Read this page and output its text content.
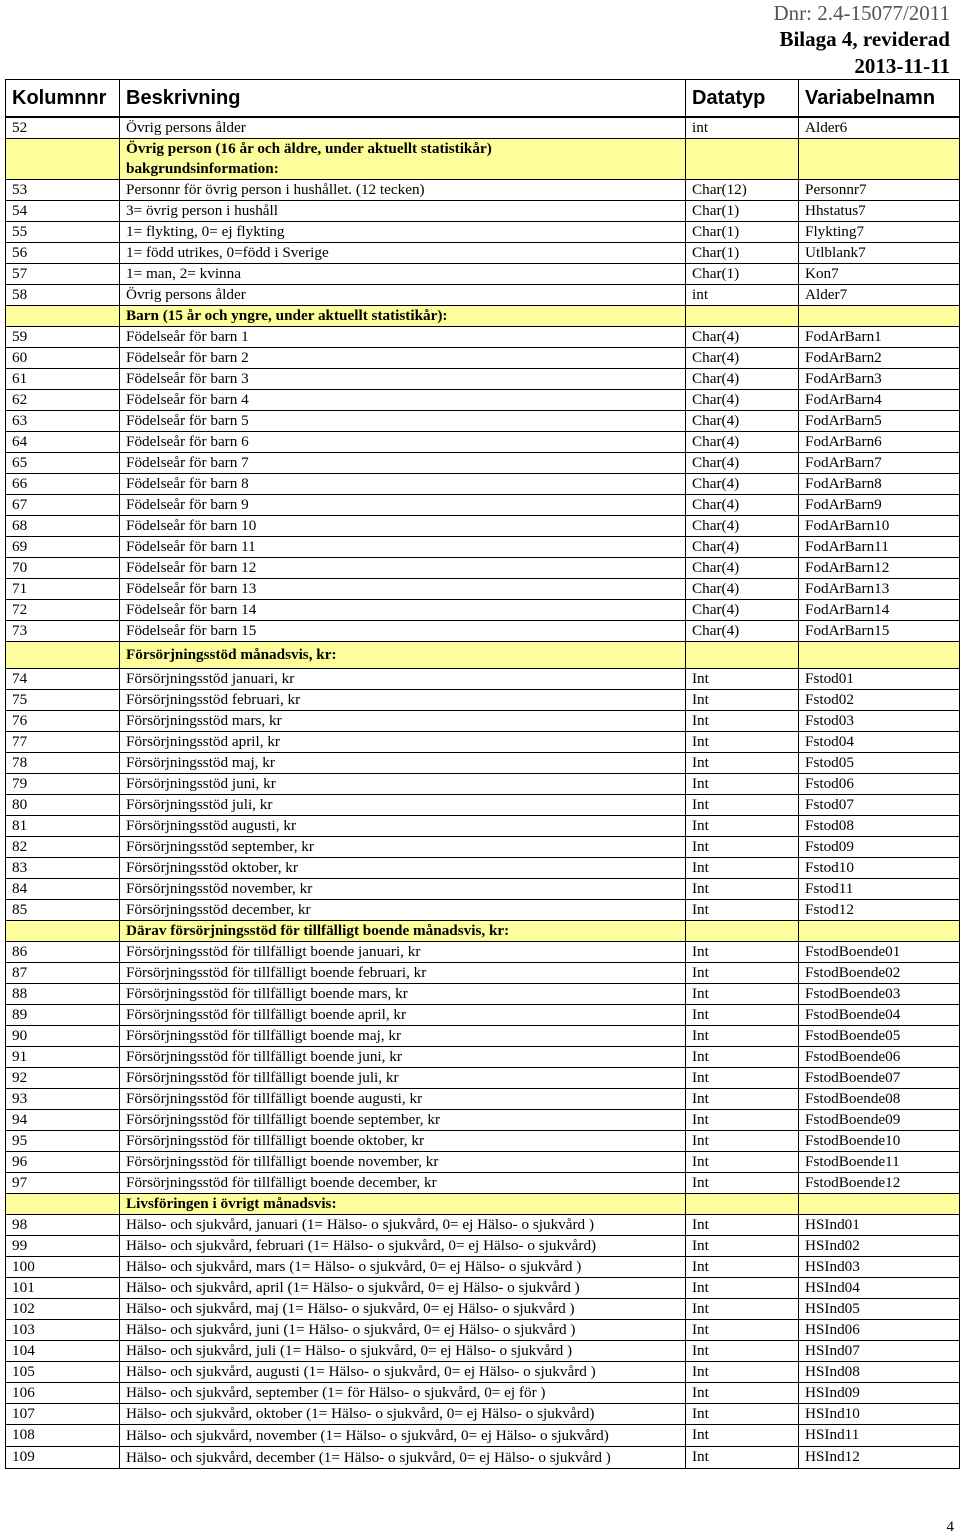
Dnr: 2.4-15077/2011
Bilaga 4, reviderad
2013-11-11
Kolumnnr	Beskrivning	Datatyp	Variabelnamn
52	Övrig persons ålder	int	Alder6

	Övrig person (16 år och äldre, under aktuellt statistikår)
bakgrundsinformation:		

53	Personnr för övrig person i hushållet. (12 tecken)	Char(12)	Personnr7
54	3= övrig person i hushåll	Char(1)	Hhstatus7
55	1= flykting, 0= ej flykting	Char(1)	Flykting7
56	1= född utrikes, 0=född i Sverige	Char(1)	Utlblank7
57	1= man, 2= kvinna	Char(1)	Kon7
58	Övrig persons ålder	int	Alder7
	Barn (15 år och yngre, under aktuellt statistikår):		
59	Födelseår för barn 1	Char(4)	FodArBarn1
60	Födelseår för barn 2	Char(4)	FodArBarn2
61	Födelseår för barn 3	Char(4)	FodArBarn3
62	Födelseår för barn 4	Char(4)	FodArBarn4
63	Födelseår för barn 5	Char(4)	FodArBarn5
64	Födelseår för barn 6	Char(4)	FodArBarn6
65	Födelseår för barn 7	Char(4)	FodArBarn7
66	Födelseår för barn 8	Char(4)	FodArBarn8
67	Födelseår för barn 9	Char(4)	FodArBarn9
68	Födelseår för barn 10	Char(4)	FodArBarn10
69	Födelseår för barn 11	Char(4)	FodArBarn11
70	Födelseår för barn 12	Char(4)	FodArBarn12
71	Födelseår för barn 13	Char(4)	FodArBarn13
72	Födelseår för barn 14	Char(4)	FodArBarn14
73	Födelseår för barn 15	Char(4)	FodArBarn15
	Försörjningsstöd månadsvis, kr:		
74	Försörjningsstöd januari, kr	Int	Fstod01
75	Försörjningsstöd februari, kr	Int	Fstod02
76	Försörjningsstöd mars, kr	Int	Fstod03
77	Försörjningsstöd april, kr	Int	Fstod04
78	Försörjningsstöd maj, kr	Int	Fstod05
79	Försörjningsstöd juni, kr	Int	Fstod06
80	Försörjningsstöd juli, kr	Int	Fstod07
81	Försörjningsstöd augusti, kr	Int	Fstod08
82	Försörjningsstöd september, kr	Int	Fstod09
83	Försörjningsstöd oktober, kr	Int	Fstod10
84	Försörjningsstöd november, kr	Int	Fstod11
85	Försörjningsstöd december, kr	Int	Fstod12
	Därav försörjningsstöd för tillfälligt boende månadsvis, kr:		
86	Försörjningsstöd för tillfälligt boende januari, kr	Int	FstodBoende01
87	Försörjningsstöd för tillfälligt boende februari, kr	Int	FstodBoende02
88	Försörjningsstöd för tillfälligt boende mars, kr	Int	FstodBoende03
89	Försörjningsstöd för tillfälligt boende april, kr	Int	FstodBoende04
90	Försörjningsstöd för tillfälligt boende maj, kr	Int	FstodBoende05
91	Försörjningsstöd för tillfälligt boende juni, kr	Int	FstodBoende06
92	Försörjningsstöd för tillfälligt boende juli, kr	Int	FstodBoende07
93	Försörjningsstöd för tillfälligt boende augusti, kr	Int	FstodBoende08
94	Försörjningsstöd för tillfälligt boende september, kr	Int	FstodBoende09
95	Försörjningsstöd för tillfälligt boende oktober, kr	Int	FstodBoende10
96	Försörjningsstöd för tillfälligt boende november, kr	Int	FstodBoende11
97	Försörjningsstöd för tillfälligt boende december, kr	Int	FstodBoende12
	Livsföringen i övrigt månadsvis:		
98	Hälso- och sjukvård, januari (1= Hälso- o sjukvård, 0= ej Hälso- o sjukvård )	Int	HSInd01
99	Hälso- och sjukvård, februari (1= Hälso- o sjukvård, 0= ej Hälso- o sjukvård)	Int	HSInd02
100	Hälso- och sjukvård, mars (1= Hälso- o sjukvård, 0= ej Hälso- o sjukvård )	Int	HSInd03
101	Hälso- och sjukvård, april (1= Hälso- o sjukvård, 0= ej Hälso- o sjukvård )	Int	HSInd04
102	Hälso- och sjukvård, maj (1= Hälso- o sjukvård, 0= ej Hälso- o sjukvård )	Int	HSInd05
103	Hälso- och sjukvård, juni (1= Hälso- o sjukvård, 0= ej Hälso- o sjukvård )	Int	HSInd06
104	Hälso- och sjukvård, juli (1= Hälso- o sjukvård, 0= ej Hälso- o sjukvård )	Int	HSInd07
105	Hälso- och sjukvård, augusti (1= Hälso- o sjukvård, 0= ej Hälso- o sjukvård )	Int	HSInd08
106	Hälso- och sjukvård, september (1= för Hälso- o sjukvård, 0= ej för )	Int	HSInd09
107	Hälso- och sjukvård, oktober (1= Hälso- o sjukvård, 0= ej Hälso- o sjukvård)	Int	HSInd10
108	Hälso- och sjukvård, november (1= Hälso- o sjukvård, 0= ej Hälso- o sjukvård)	Int	HSInd11
109	Hälso- och sjukvård, december (1= Hälso- o sjukvård, 0= ej Hälso- o sjukvård )	Int	HSInd12
4
